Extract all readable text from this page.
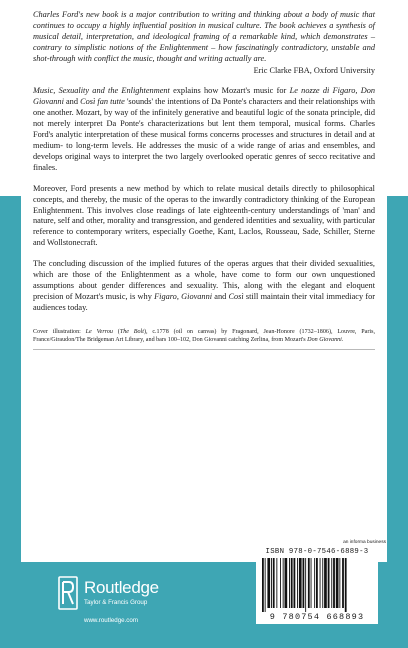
Charles Ford's new book is a major contribution to writing and thinking about a body of music that continues to occupy a highly influential position in musical culture. The book achieves a synthesis of musical detail, interpretation, and ideological framing of a remarkable kind, which demonstrates – contrary to simplistic notions of the Enlightenment – how fascinatingly contradictory, unstable and shot-through with conflict the music, thought and writing actually are.

Eric Clarke FBA, Oxford University

Music, Sexuality and the Enlightenment explains how Mozart's music for Le nozze di Figaro, Don Giovanni and Così fan tutte 'sounds' the intentions of Da Ponte's characters and their relationships with one another. Mozart, by way of the infinitely generative and beautiful logic of the sonata principle, did not merely interpret Da Ponte's characterizations but lent them temporal, musical forms. Charles Ford's analytic interpretation of these musical forms concerns processes and structures in detail and at medium- to long-term levels. He addresses the music of a wide range of arias and ensembles, and develops original ways to interpret the two largely overlooked operatic genres of secco recitative and finales.

Moreover, Ford presents a new method by which to relate musical details directly to philosophical concepts, and thereby, the music of the operas to the inwardly contradictory thinking of the European Enlightenment. This involves close readings of late eighteenth-century understandings of 'man' and nature, self and other, morality and transgression, and gendered identities and sexuality, with particular reference to contemporary writers, especially Goethe, Kant, Laclos, Rousseau, Sade, Schiller, Sterne and Wollstonecraft.

The concluding discussion of the implied futures of the operas argues that their divided sexualities, which are those of the Enlightenment as a whole, have come to form our own unquestioned assumptions about gender differences and sexuality. This, along with the elegant and eloquent precision of Mozart's music, is why Figaro, Giovanni and Così still maintain their vital immediacy for audiences today.

Cover illustration: Le Verrou (The Bolt), c.1778 (oil on canvas) by Fragonard, Jean-Honore (1732–1806), Louvre, Paris, France/Giraudon/The Bridgeman Art Library, and bars 100–102, Don Giovanni catching Zerlina, from Mozart's Don Giovanni.

an informa business
ISBN 978-0-7546-6889-3
9 780754 668893
Routledge
Taylor & Francis Group
www.routledge.com
